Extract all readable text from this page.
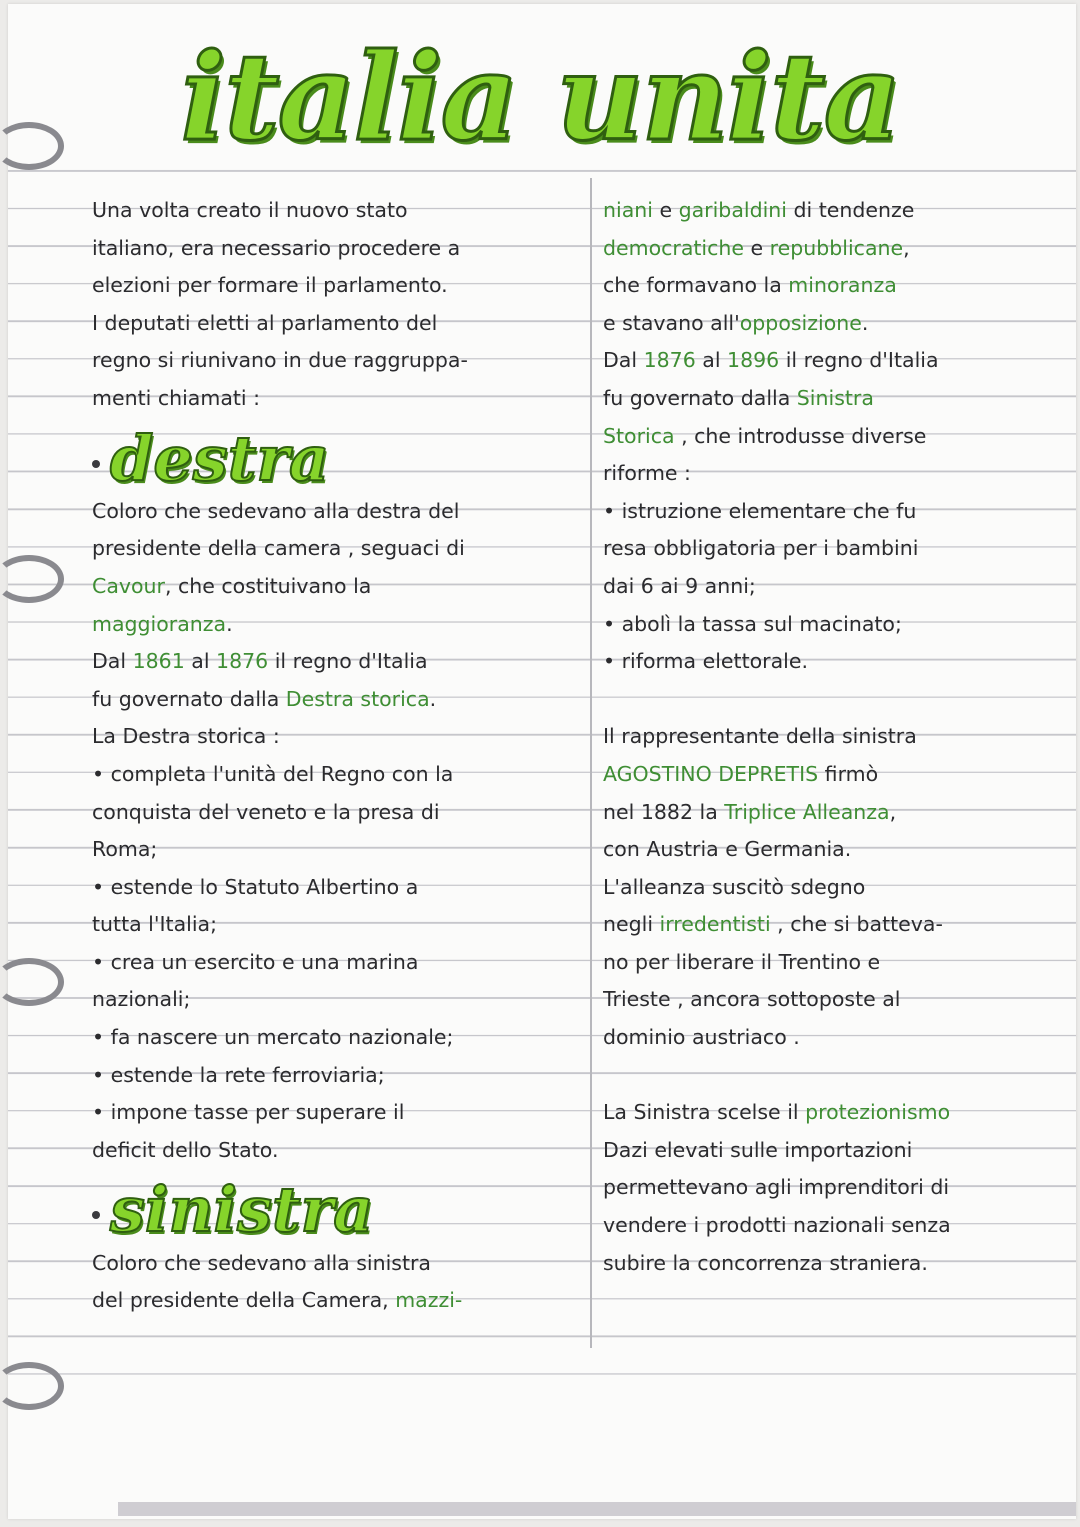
italia unita
Una volta creato il nuovo stato
italiano, era necessario procedere a
elezioni per formare il parlamento.
I deputati eletti al parlamento del
regno si riunivano in due raggruppa-
menti chiamati :
destra
Coloro che sedevano alla destra del
presidente della camera , seguaci di
Cavour, che costituivano la
maggioranza.
Dal 1861 al 1876 il regno d'Italia
fu governato dalla Destra storica.
La Destra storica :
• completa l'unità del Regno con la
conquista del veneto e la presa di
Roma;
• estende lo Statuto Albertino a
tutta l'Italia;
• crea un esercito e una marina
nazionali;
• fa nascere un mercato nazionale;
• estende la rete ferroviaria;
• impone tasse per superare il
deficit dello Stato.
sinistra
Coloro che sedevano alla sinistra
del presidente della Camera, mazzi-
niani e garibaldini di tendenze
democratiche e repubblicane,
che formavano la minoranza
e stavano all'opposizione.
Dal 1876 al 1896 il regno d'Italia
fu governato dalla Sinistra
Storica , che introdusse diverse
riforme :
• istruzione elementare che fu
resa obbligatoria per i bambini
dai 6 ai 9 anni;
• abolì la tassa sul macinato;
• riforma elettorale.
Il rappresentante della sinistra
AGOSTINO DEPRETIS firmò
nel 1882 la Triplice Alleanza,
con Austria e Germania.
L'alleanza suscitò sdegno
negli irredentisti , che si batteva-
no per liberare il Trentino e
Trieste , ancora sottoposte al
dominio austriaco .
La Sinistra scelse il protezionismo
Dazi elevati sulle importazioni
permettevano agli imprenditori di
vendere i prodotti nazionali senza
subire la concorrenza straniera.
